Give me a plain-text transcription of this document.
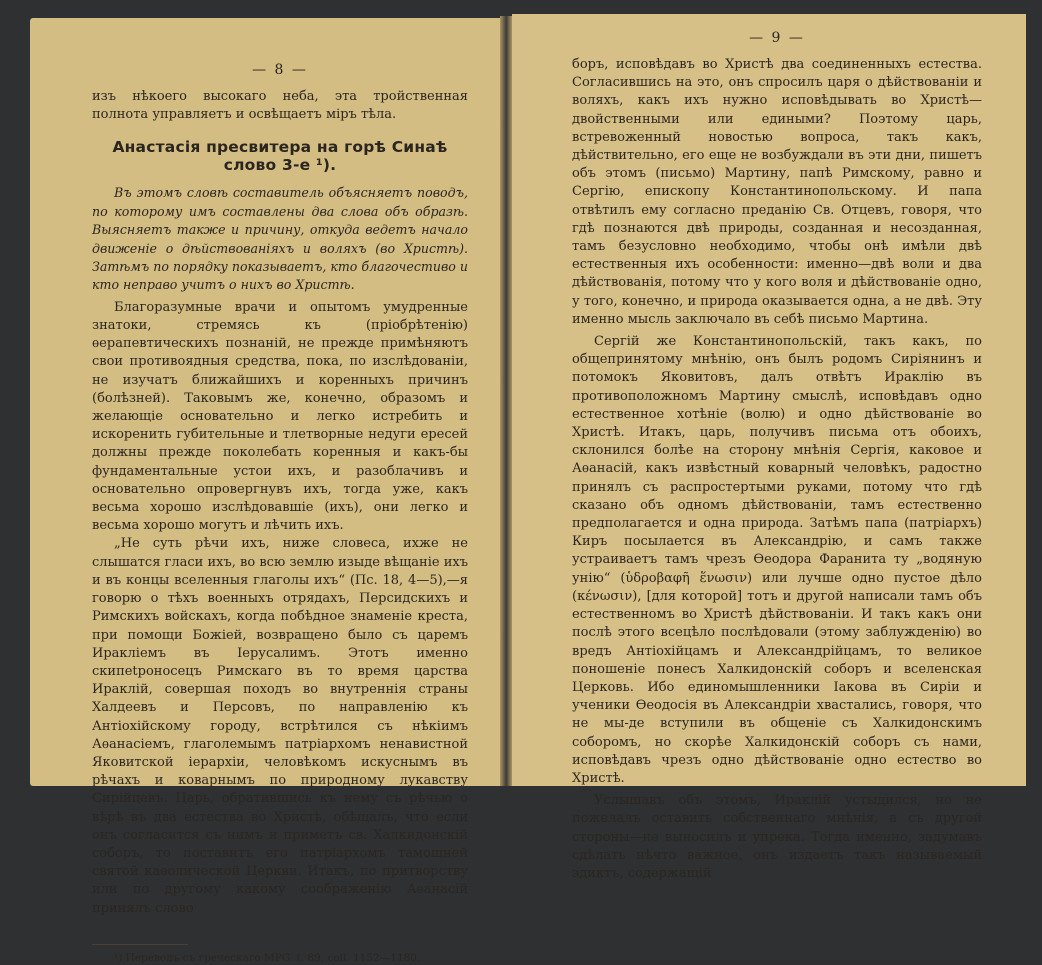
— 8 —

изъ нѣкоего высокаго неба, эта тройственная полнота управляетъ и освѣщаетъ міръ тѣла.

Анастасія пресвитера на горѣ Синаѣ слово 3-е ¹).

Въ этомъ словѣ составитель объясняетъ поводъ, по которому имъ составлены два слова объ образѣ. Выясняетъ также и причину, откуда ведетъ начало движеніе о дѣйствованіяхъ и воляхъ (во Христѣ). Затѣмъ по порядку показываетъ, кто благочестиво и кто неправо учитъ о нихъ во Христѣ.

Благоразумные врачи и опытомъ умудренные знатоки, стремясь къ (пріобрѣтенію) ѳерапевтическихъ познаній, не прежде примѣняютъ свои противоядныя средства, пока, по изслѣдованіи, не изучатъ ближайшихъ и коренныхъ причинъ (болѣзней). Таковымъ же, конечно, образомъ и желающіе основательно и легко истребить и искоренить губительные и тлетворные недуги ересей должны прежде поколебать коренныя и какъ-бы фундаментальные устои ихъ, и разоблачивъ и основательно опровергнувъ ихъ, тогда уже, какъ весьма хорошо изслѣдовавшіе (ихъ), они легко и весьма хорошо могутъ и лѣчить ихъ.

„Не суть рѣчи ихъ, ниже словеса, ихже не слышатся гласи ихъ, во всю землю изыде вѣщаніе ихъ и въ концы вселенныя глаголы ихъ“ (Пс. 18, 4—5),—я говорю о тѣхъ военныхъ отрядахъ, Персидскихъ и Римскихъ войскахъ, когда побѣдное знаменіе креста, при помощи Божіей, возвращено было съ царемъ Иракліемъ въ Іерусалимъ. Этотъ именно скипetроносецъ Римскаго въ то время царства Ираклій, совершая походъ во внутреннія страны Халдеевъ и Персовъ, по направленію къ Антіохійскому городу, встрѣтился съ нѣкіимъ Аѳанасіемъ, глаголемымъ патріархомъ ненавистной Яковитской іерархіи, человѣкомъ искуснымъ въ рѣчахъ и коварнымъ по природному лукавству Сирійцевъ. Царь, обратившись къ нему съ рѣчью о вѣрѣ въ два естества во Христѣ, обѣщалъ, что если онъ согласится съ нимъ и приметъ св. Халкидонскій соборъ, то поставитъ его патріархомъ тамошней святой каѳолической Церкви. Итакъ, по притворству или по другому какому соображенію Аѳанасій принялъ слово

¹) Переводъ съ греческаго MPG. t. 89, coll. 1152—1180.

— 9 —

боръ, исповѣдавъ во Христѣ два соединенныхъ естества. Согласившись на это, онъ спросилъ царя о дѣйствованіи и воляхъ, какъ ихъ нужно исповѣдывать во Христѣ—двойственными или едиными? Поэтому царь, встревоженный новостью вопроса, такъ какъ, дѣйствительно, его еще не возбуждали въ эти дни, пишетъ объ этомъ (письмо) Мартину, папѣ Римскому, равно и Сергію, епископу Константинопольскому. И папа отвѣтилъ ему согласно преданію Св. Отцевъ, говоря, что гдѣ познаются двѣ природы, созданная и несозданная, тамъ безусловно необходимо, чтобы онѣ имѣли двѣ естественныя ихъ особенности: именно—двѣ воли и два дѣйствованія, потому что у кого воля и дѣйствованіе одно, у того, конечно, и природа оказывается одна, а не двѣ. Эту именно мысль заключало въ себѣ письмо Мартина.

Сергій же Константинопольскій, такъ какъ, по общепринятому мнѣнію, онъ былъ родомъ Сиріянинъ и потомокъ Яковитовъ, далъ отвѣтъ Ираклію въ противоположномъ Мартину смыслѣ, исповѣдавъ одно естественное хотѣніе (волю) и одно дѣйствованіе во Христѣ. Итакъ, царь, получивъ письма отъ обоихъ, склонился болѣе на сторону мнѣнія Сергія, каковое и Аѳанасій, какъ извѣстный коварный человѣкъ, радостно принялъ съ распростертыми руками, потому что гдѣ сказано объ одномъ дѣйствованіи, тамъ естественно предполагается и одна природа. Затѣмъ папа (патріархъ) Киръ посылается въ Александрію, и самъ также устраиваетъ тамъ чрезъ Ѳеодора Фаранита ту „водяную унію“ (ὑδροβαφῆ ἕνωσιν) или лучше одно пустое дѣло (κένωσιν), [для которой] тотъ и другой написали тамъ объ естественномъ во Христѣ дѣйствованіи. И такъ какъ они послѣ этого всецѣло послѣдовали (этому заблужденію) во вредъ Антіохійцамъ и Александрійцамъ, то великое поношеніе понесъ Халкидонскій соборъ и вселенская Церковь. Ибо единомышленники Іакова въ Сиріи и ученики Ѳеодосія въ Александріи хвастались, говоря, что не мы-де вступили въ общеніе съ Халкидонскимъ соборомъ, но скорѣе Халкидонскій соборъ съ нами, исповѣдавъ чрезъ одно дѣйствованіе одно естество во Христѣ.

Услышавъ объ этомъ, Ираклій устыдился, но не пожелалъ оставить собственнаго мнѣнія, а съ другой стороны—не выносилъ и упрека. Тогда именно, задумавъ сдѣлать нѣчто важное, онъ издаетъ такъ называемый эдиктъ, содержащій
